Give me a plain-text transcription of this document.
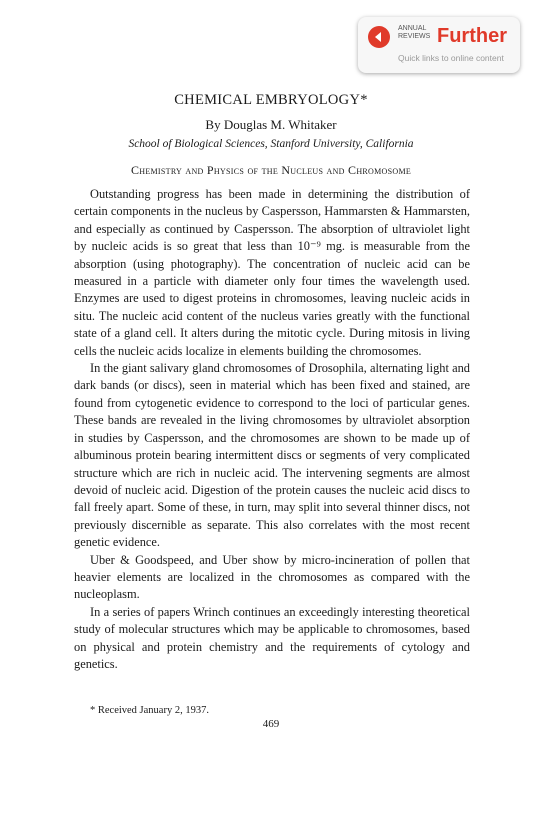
ANNUAL
REVIEWS Further
Quick links to online content
CHEMICAL EMBRYOLOGY*
By Douglas M. Whitaker
School of Biological Sciences, Stanford University, California
Chemistry and Physics of the Nucleus and Chromosome

Outstanding progress has been made in determining the distribution of certain components in the nucleus by Caspersson, Hammarsten & Hammarsten, and especially as continued by Caspersson. The absorption of ultraviolet light by nucleic acids is so great that less than 10⁻⁹ mg. is measurable from the absorption (using photography). The concentration of nucleic acid can be measured in a particle with diameter only four times the wavelength used. Enzymes are used to digest proteins in chromosomes, leaving nucleic acids in situ. The nucleic acid content of the nucleus varies greatly with the functional state of a gland cell. It alters during the mitotic cycle. During mitosis in living cells the nucleic acids localize in elements building the chromosomes.

In the giant salivary gland chromosomes of Drosophila, alternating light and dark bands (or discs), seen in material which has been fixed and stained, are found from cytogenetic evidence to correspond to the loci of particular genes. These bands are revealed in the living chromosomes by ultraviolet absorption in studies by Caspersson, and the chromosomes are shown to be made up of albuminous protein bearing intermittent discs or segments of very complicated structure which are rich in nucleic acid. The intervening segments are almost devoid of nucleic acid. Digestion of the protein causes the nucleic acid discs to fall freely apart. Some of these, in turn, may split into several thinner discs, not previously discernible as separate. This also correlates with the most recent genetic evidence.

Uber & Goodspeed, and Uber show by micro-incineration of pollen that heavier elements are localized in the chromosomes as compared with the nucleoplasm.

In a series of papers Wrinch continues an exceedingly interesting theoretical study of molecular structures which may be applicable to chromosomes, based on physical and protein chemistry and the requirements of cytology and genetics.

* Received January 2, 1937.
469
